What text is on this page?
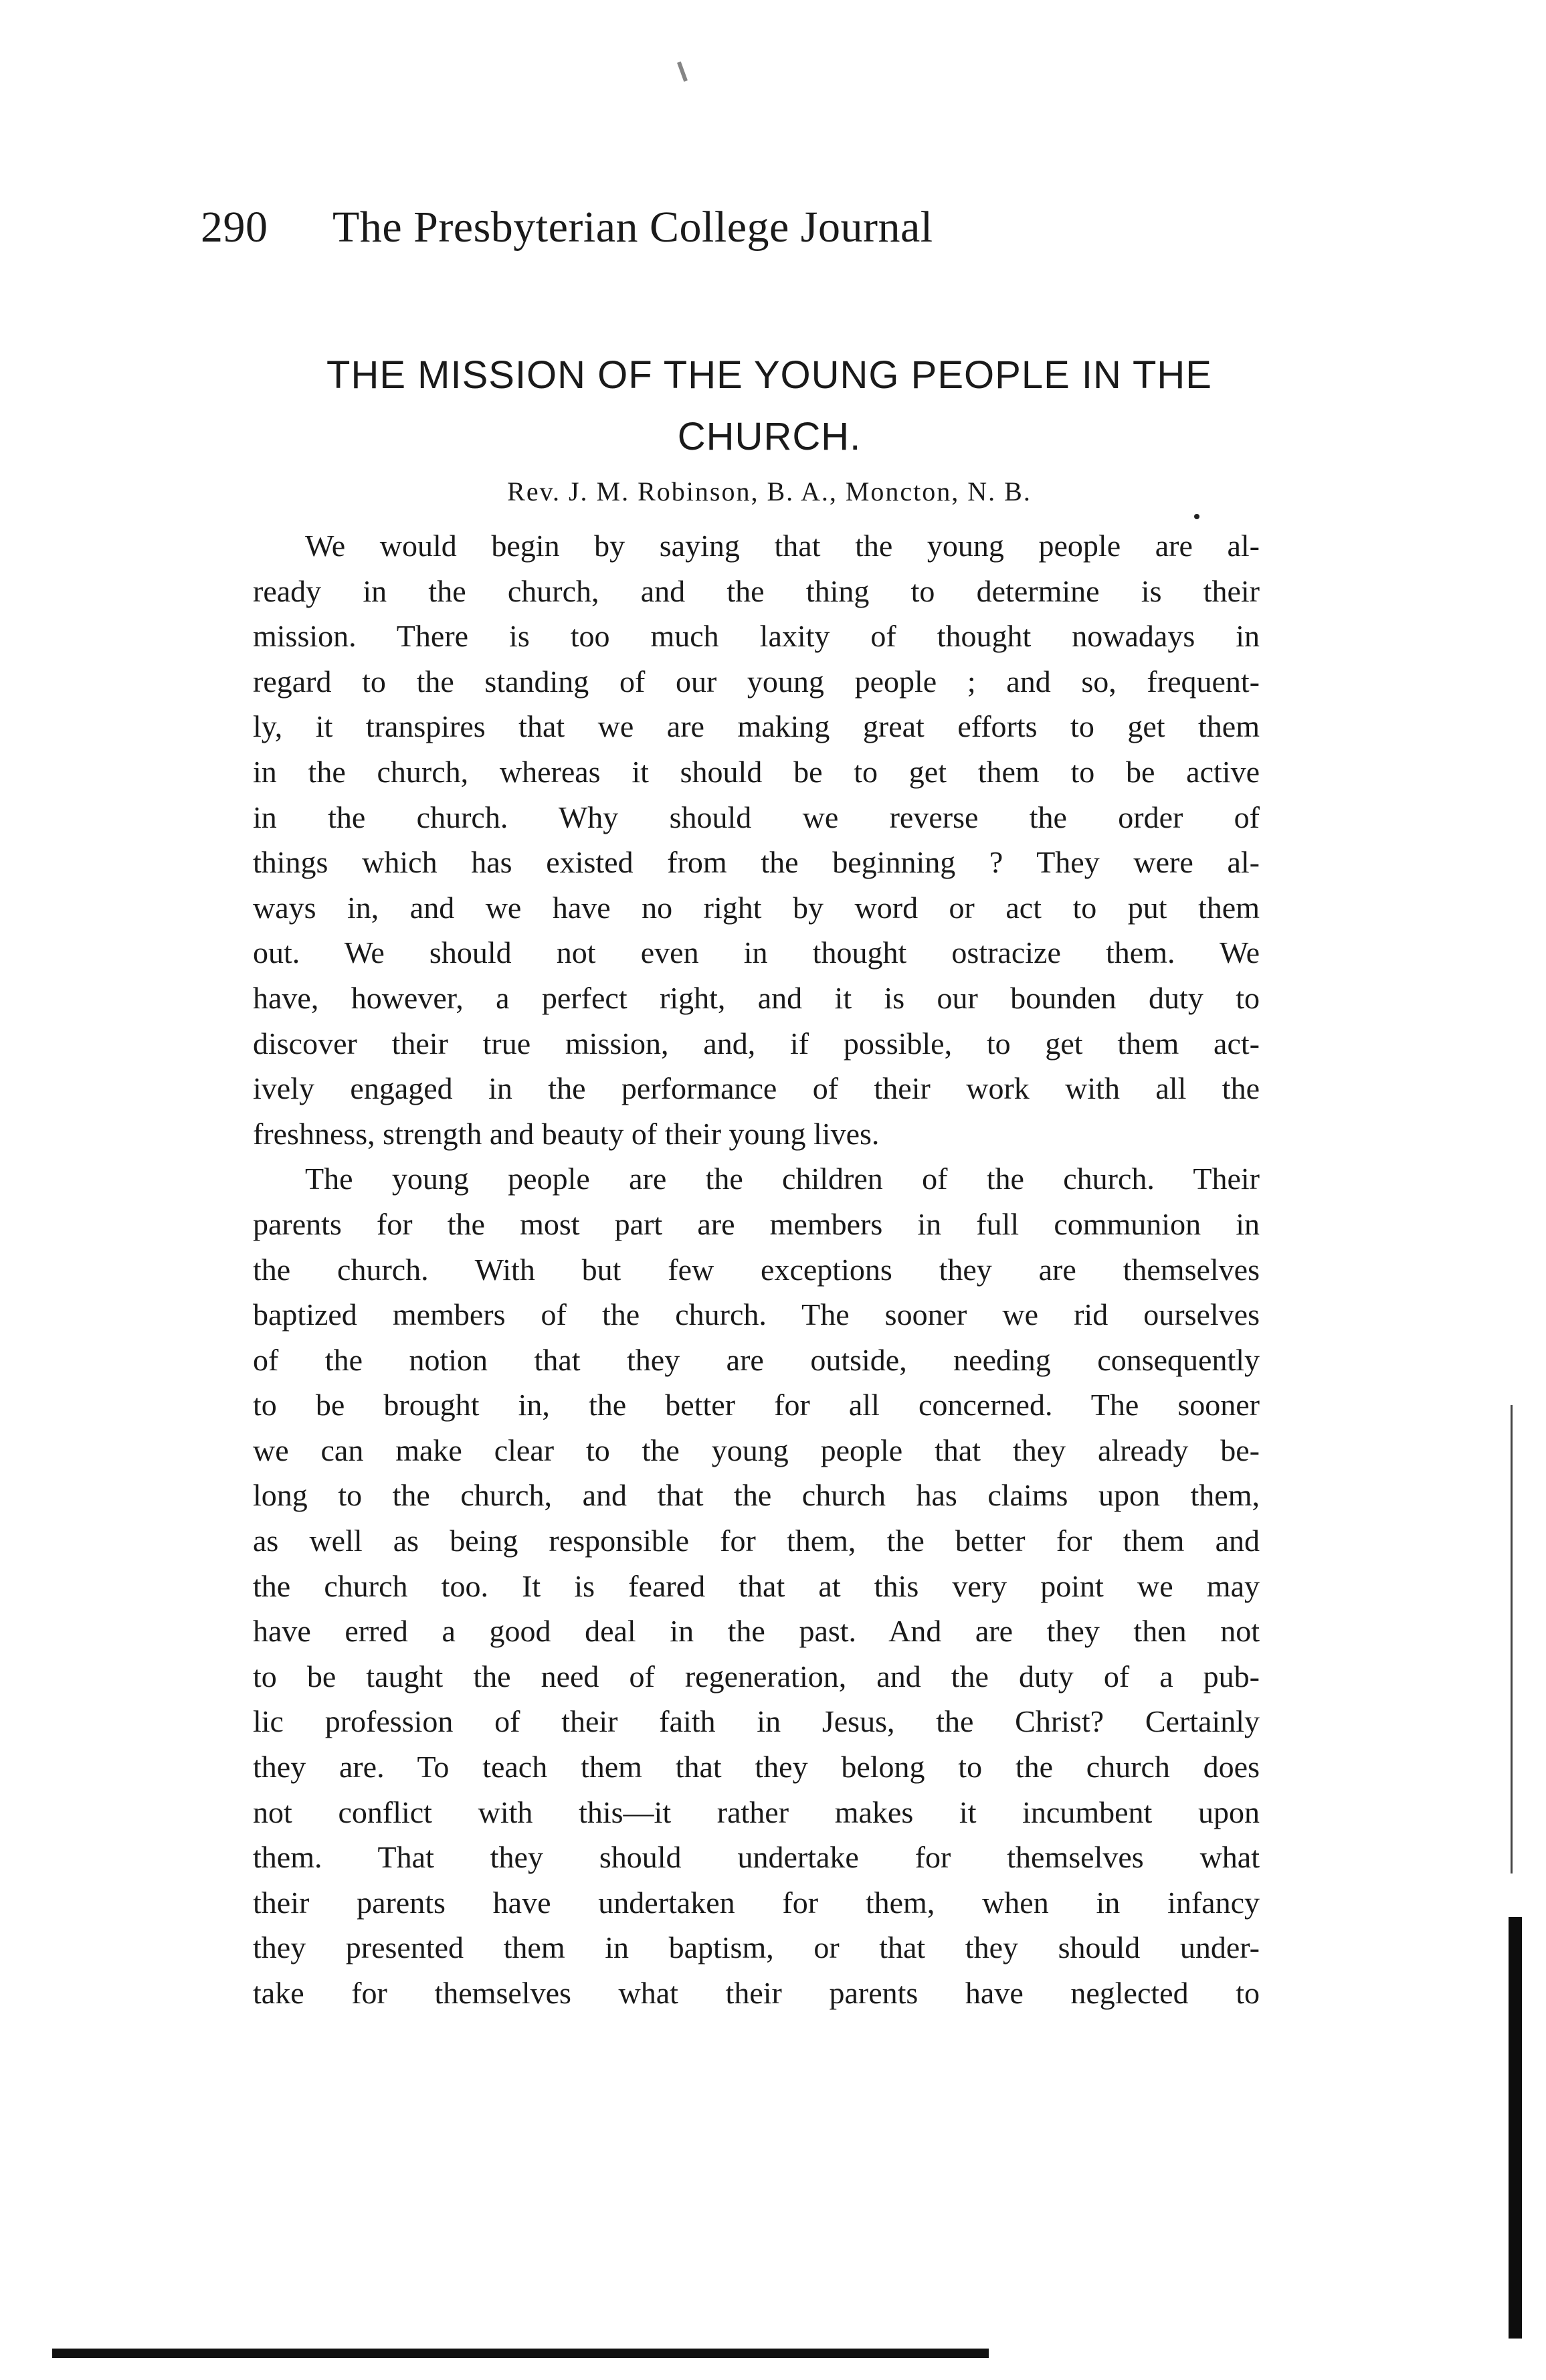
290 The Presbyterian College Journal
THE MISSION OF THE YOUNG PEOPLE IN THE
CHURCH.
Rev. J. M. Robinson, B. A., Moncton, N. B.
We would begin by saying that the young people are al-
ready in the church, and the thing to determine is their
mission. There is too much laxity of thought nowadays in
regard to the standing of our young people ; and so, frequent-
ly, it transpires that we are making great efforts to get them
in the church, whereas it should be to get them to be active
in the church. Why should we reverse the order of
things which has existed from the beginning ? They were al-
ways in, and we have no right by word or act to put them
out. We should not even in thought ostracize them. We
have, however, a perfect right, and it is our bounden duty to
discover their true mission, and, if possible, to get them act-
ively engaged in the performance of their work with all the
freshness, strength and beauty of their young lives.
The young people are the children of the church. Their
parents for the most part are members in full communion in
the church. With but few exceptions they are themselves
baptized members of the church. The sooner we rid ourselves
of the notion that they are outside, needing consequently
to be brought in, the better for all concerned. The sooner
we can make clear to the young people that they already be-
long to the church, and that the church has claims upon them,
as well as being responsible for them, the better for them and
the church too. It is feared that at this very point we may
have erred a good deal in the past. And are they then not
to be taught the need of regeneration, and the duty of a pub-
lic profession of their faith in Jesus, the Christ? Certainly
they are. To teach them that they belong to the church does
not conflict with this—it rather makes it incumbent upon
them. That they should undertake for themselves what
their parents have undertaken for them, when in infancy
they presented them in baptism, or that they should under-
take for themselves what their parents have neglected to
